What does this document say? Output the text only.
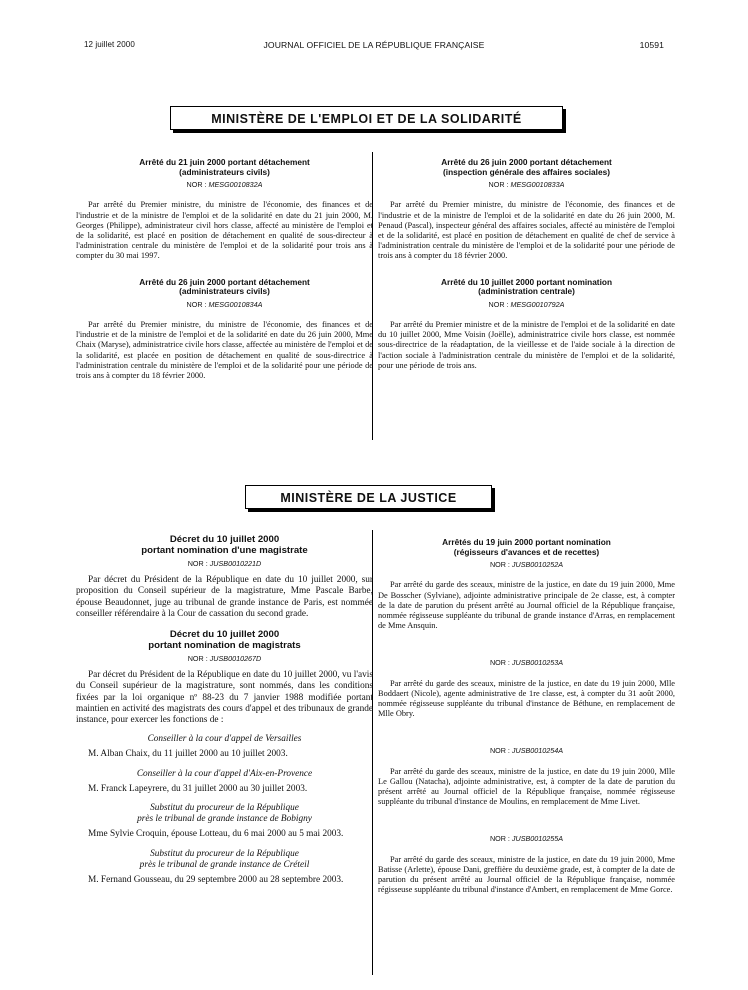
12 juillet 2000	JOURNAL OFFICIEL DE LA RÉPUBLIQUE FRANÇAISE	10591
MINISTÈRE DE L'EMPLOI ET DE LA SOLIDARITÉ
Arrêté du 21 juin 2000 portant détachement
(administrateurs civils)
NOR : MESG0010832A
Par arrêté du Premier ministre, du ministre de l'économie, des finances et de l'industrie et de la ministre de l'emploi et de la solidarité en date du 21 juin 2000, M. Georges (Philippe), administrateur civil hors classe, affecté au ministère de l'emploi et de la solidarité, est placé en position de détachement en qualité de sous-directeur à l'administration centrale du ministère de l'emploi et de la solidarité pour trois ans à compter du 30 mai 1997.
Arrêté du 26 juin 2000 portant détachement
(administrateurs civils)
NOR : MESG0010834A
Par arrêté du Premier ministre, du ministre de l'économie, des finances et de l'industrie et de la ministre de l'emploi et de la solidarité en date du 26 juin 2000, Mme Chaix (Maryse), administratrice civile hors classe, affectée au ministère de l'emploi et de la solidarité, est placée en position de détachement en qualité de sous-directrice à l'administration centrale du ministère de l'emploi et de la solidarité pour une période de trois ans à compter du 18 février 2000.
Arrêté du 26 juin 2000 portant détachement
(inspection générale des affaires sociales)
NOR : MESG0010833A
Par arrêté du Premier ministre, du ministre de l'économie, des finances et de l'industrie et de la ministre de l'emploi et de la solidarité en date du 26 juin 2000, M. Penaud (Pascal), inspecteur général des affaires sociales, affecté au ministère de l'emploi et de la solidarité, est placé en position de détachement en qualité de chef de service à l'administration centrale du ministère de l'emploi et de la solidarité pour une période de trois ans à compter du 18 février 2000.
Arrêté du 10 juillet 2000 portant nomination
(administration centrale)
NOR : MESG0010792A
Par arrêté du Premier ministre et de la ministre de l'emploi et de la solidarité en date du 10 juillet 2000, Mme Voisin (Joëlle), administratrice civile hors classe, est nommée sous-directrice de la réadaptation, de la vieillesse et de l'aide sociale à la direction de l'action sociale à l'administration centrale du ministère de l'emploi et de la solidarité, pour une période de trois ans.
MINISTÈRE DE LA JUSTICE
Décret du 10 juillet 2000
portant nomination d'une magistrate
NOR : JUSB0010221D
Par décret du Président de la République en date du 10 juillet 2000, sur proposition du Conseil supérieur de la magistrature, Mme Pascale Barbe, épouse Beaudonnet, juge au tribunal de grande instance de Paris, est nommée conseiller référendaire à la Cour de cassation du second grade.
Décret du 10 juillet 2000
portant nomination de magistrats
NOR : JUSB0010267D
Par décret du Président de la République en date du 10 juillet 2000, vu l'avis du Conseil supérieur de la magistrature, sont nommés, dans les conditions fixées par la loi organique nº 88-23 du 7 janvier 1988 modifiée portant maintien en activité des magistrats des cours d'appel et des tribunaux de grande instance, pour exercer les fonctions de :
Conseiller à la cour d'appel de Versailles
M. Alban Chaix, du 11 juillet 2000 au 10 juillet 2003.
Conseiller à la cour d'appel d'Aix-en-Provence
M. Franck Lapeyrere, du 31 juillet 2000 au 30 juillet 2003.
Substitut du procureur de la République
près le tribunal de grande instance de Bobigny
Mme Sylvie Croquin, épouse Lotteau, du 6 mai 2000 au 5 mai 2003.
Substitut du procureur de la République
près le tribunal de grande instance de Créteil
M. Fernand Gousseau, du 29 septembre 2000 au 28 septembre 2003.
Arrêtés du 19 juin 2000 portant nomination
(régisseurs d'avances et de recettes)
NOR : JUSB0010252A
Par arrêté du garde des sceaux, ministre de la justice, en date du 19 juin 2000, Mme De Bosscher (Sylviane), adjointe administrative principale de 2e classe, est, à compter de la date de parution du présent arrêté au Journal officiel de la République française, nommée régisseuse suppléante du tribunal de grande instance d'Arras, en remplacement de Mme Ansquin.
NOR : JUSB0010253A
Par arrêté du garde des sceaux, ministre de la justice, en date du 19 juin 2000, Mlle Boddaert (Nicole), agente administrative de 1re classe, est, à compter du 31 août 2000, nommée régisseuse suppléante du tribunal d'instance de Béthune, en remplacement de Mlle Obry.
NOR : JUSB0010254A
Par arrêté du garde des sceaux, ministre de la justice, en date du 19 juin 2000, Mlle Le Gallou (Natacha), adjointe administrative, est, à compter de la date de parution du présent arrêté au Journal officiel de la République française, nommée régisseuse suppléante du tribunal d'instance de Moulins, en remplacement de Mme Livet.
NOR : JUSB0010255A
Par arrêté du garde des sceaux, ministre de la justice, en date du 19 juin 2000, Mme Batisse (Arlette), épouse Dani, greffière du deuxième grade, est, à compter de la date de parution du présent arrêté au Journal officiel de la République française, nommée régisseuse suppléante du tribunal d'instance d'Ambert, en remplacement de Mme Gorce.
